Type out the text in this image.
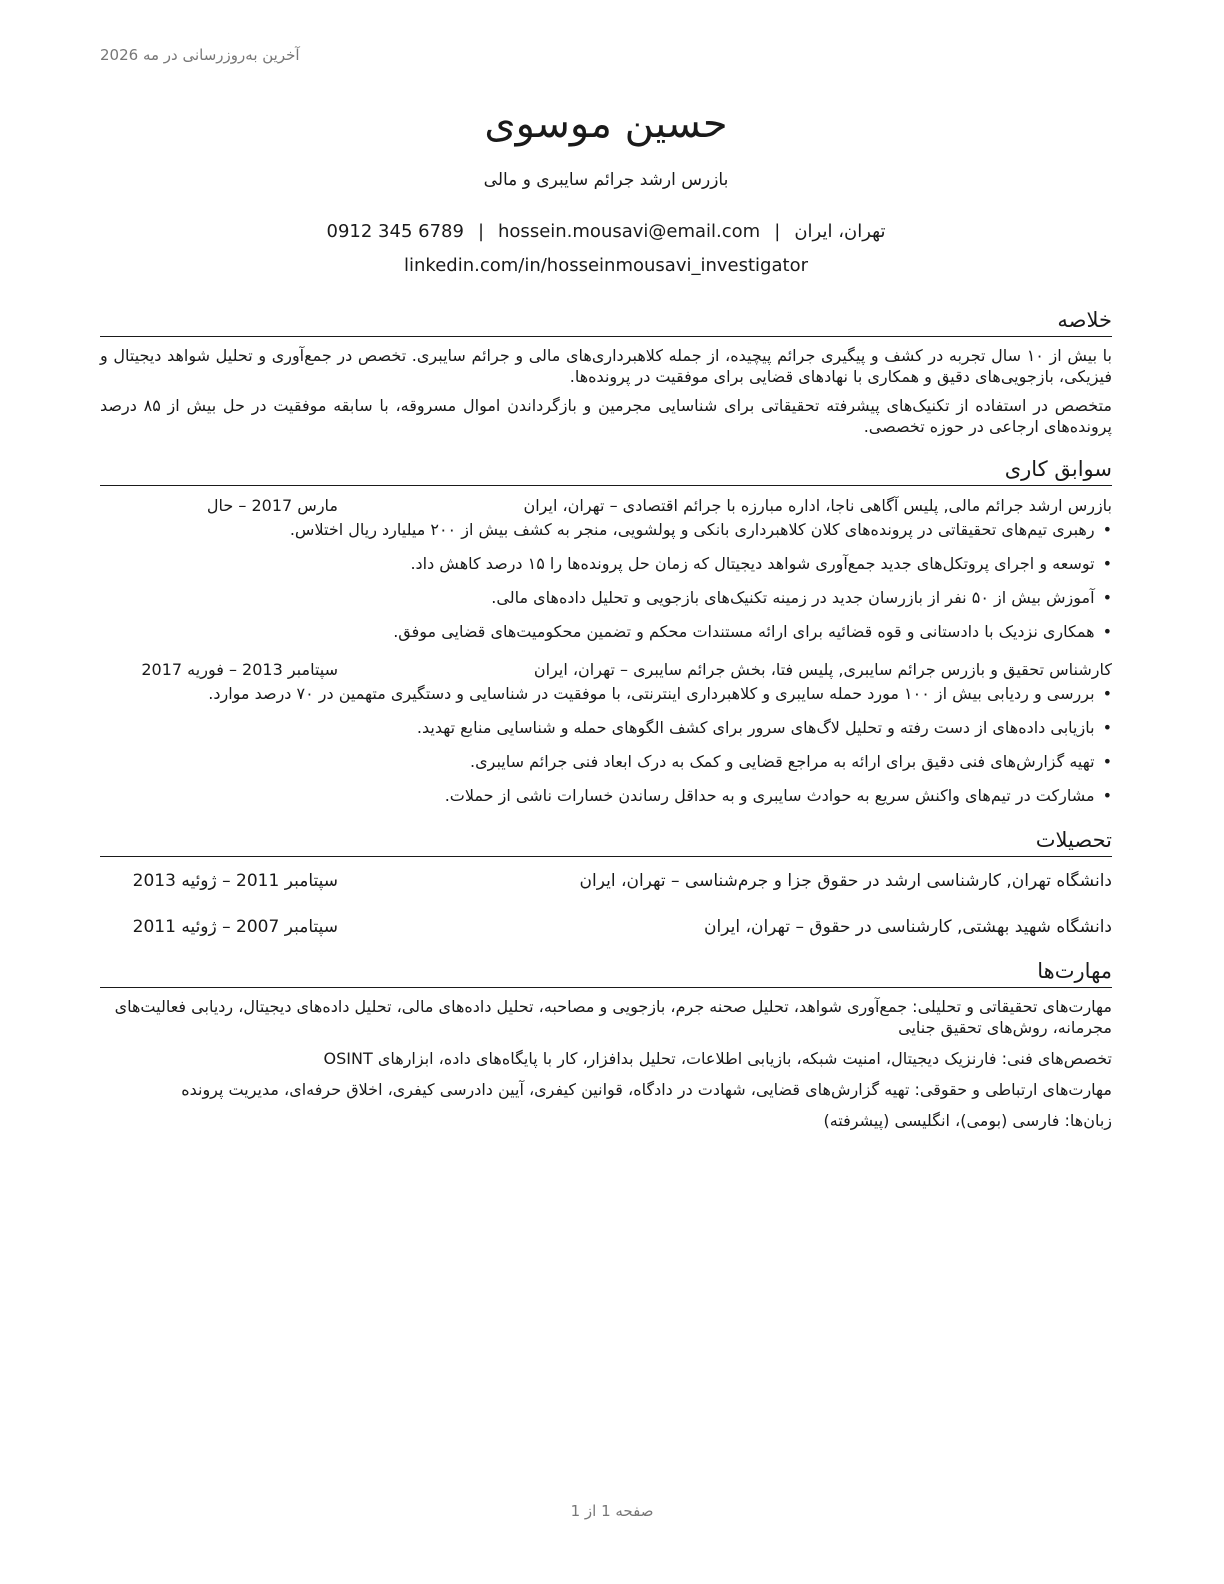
آخرین به‌روزرسانی در مه 2026
حسین موسوی
بازرس ارشد جرائم سایبری و مالی
0912 345 6789 | hossein.mousavi@email.com | تهران، ایران
linkedin.com/in/hosseinmousavi_investigator
خلاصه

با بیش از ۱۰ سال تجربه در کشف و پیگیری جرائم پیچیده، از جمله کلاهبرداری‌های مالی و جرائم سایبری. تخصص در جمع‌آوری و تحلیل شواهد دیجیتال و فیزیکی، بازجویی‌های دقیق و همکاری با نهادهای قضایی برای موفقیت در پرونده‌ها.

متخصص در استفاده از تکنیک‌های پیشرفته تحقیقاتی برای شناسایی مجرمین و بازگرداندن اموال مسروقه، با سابقه موفقیت در حل بیش از ۸۵ درصد پرونده‌های ارجاعی در حوزه تخصصی.

سوابق کاری
بازرس ارشد جرائم مالی, پلیس آگاهی ناجا، اداره مبارزه با جرائم اقتصادی – تهران، ایران
مارس 2017 – حال
• رهبری تیم‌های تحقیقاتی در پرونده‌های کلان کلاهبرداری بانکی و پولشویی، منجر به کشف بیش از ۲۰۰ میلیارد ریال اختلاس.
• توسعه و اجرای پروتکل‌های جدید جمع‌آوری شواهد دیجیتال که زمان حل پرونده‌ها را ۱۵ درصد کاهش داد.
• آموزش بیش از ۵۰ نفر از بازرسان جدید در زمینه تکنیک‌های بازجویی و تحلیل داده‌های مالی.
• همکاری نزدیک با دادستانی و قوه قضائیه برای ارائه مستندات محکم و تضمین محکومیت‌های قضایی موفق.
کارشناس تحقیق و بازرس جرائم سایبری, پلیس فتا، بخش جرائم سایبری – تهران، ایران
سپتامبر 2013 – فوریه 2017
• بررسی و ردیابی بیش از ۱۰۰ مورد حمله سایبری و کلاهبرداری اینترنتی، با موفقیت در شناسایی و دستگیری متهمین در ۷۰ درصد موارد.
• بازیابی داده‌های از دست رفته و تحلیل لاگ‌های سرور برای کشف الگوهای حمله و شناسایی منابع تهدید.
• تهیه گزارش‌های فنی دقیق برای ارائه به مراجع قضایی و کمک به درک ابعاد فنی جرائم سایبری.
• مشارکت در تیم‌های واکنش سریع به حوادث سایبری و به حداقل رساندن خسارات ناشی از حملات.
تحصیلات
دانشگاه تهران, کارشناسی ارشد در حقوق جزا و جرم‌شناسی – تهران، ایران
سپتامبر 2011 – ژوئیه 2013
دانشگاه شهید بهشتی, کارشناسی در حقوق – تهران، ایران
سپتامبر 2007 – ژوئیه 2011
مهارت‌ها

مهارت‌های تحقیقاتی و تحلیلی: جمع‌آوری شواهد، تحلیل صحنه جرم، بازجویی و مصاحبه، تحلیل داده‌های مالی، تحلیل داده‌های دیجیتال، ردیابی فعالیت‌های مجرمانه، روش‌های تحقیق جنایی

تخصص‌های فنی: فارنزیک دیجیتال، امنیت شبکه، بازیابی اطلاعات، تحلیل بدافزار، کار با پایگاه‌های داده، ابزارهای OSINT

مهارت‌های ارتباطی و حقوقی: تهیه گزارش‌های قضایی، شهادت در دادگاه، قوانین کیفری، آیین دادرسی کیفری، اخلاق حرفه‌ای، مدیریت پرونده

زبان‌ها: فارسی (بومی)، انگلیسی (پیشرفته)

صفحه 1 از 1
